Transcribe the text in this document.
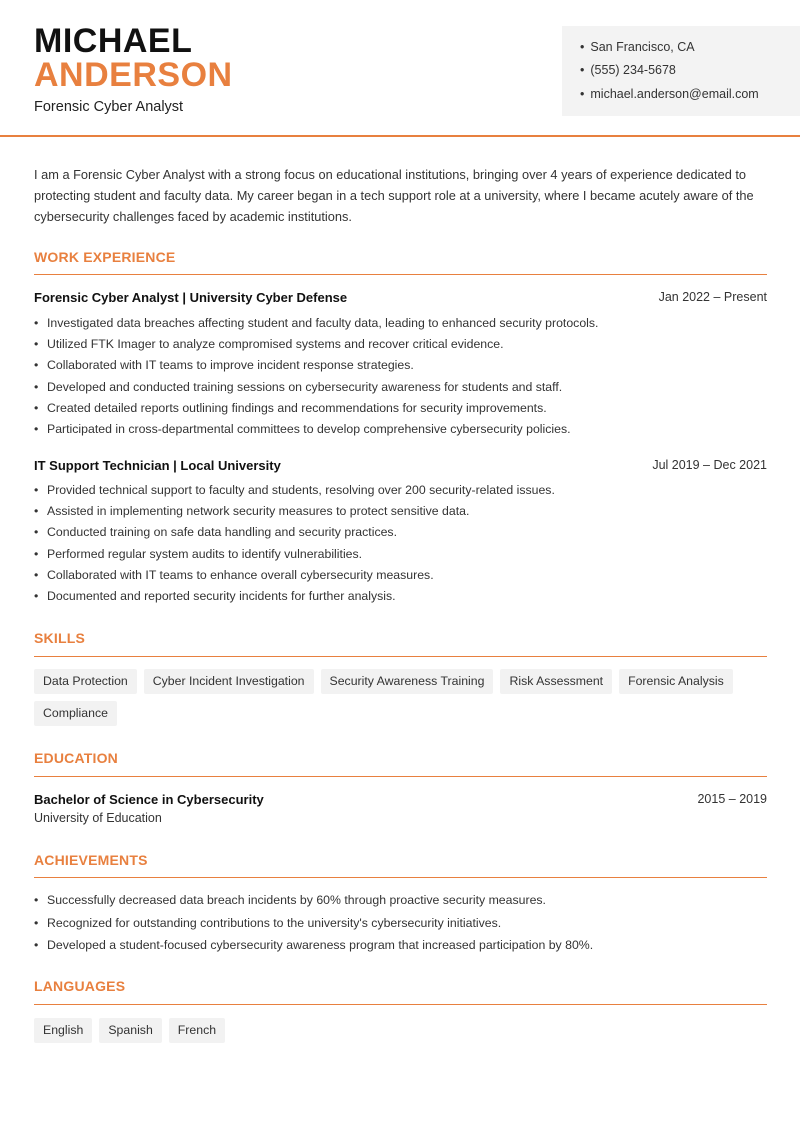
MICHAEL
ANDERSON
Forensic Cyber Analyst
• San Francisco, CA
• (555) 234-5678
• michael.anderson@email.com
I am a Forensic Cyber Analyst with a strong focus on educational institutions, bringing over 4 years of experience dedicated to protecting student and faculty data. My career began in a tech support role at a university, where I became acutely aware of the cybersecurity challenges faced by academic institutions.
WORK EXPERIENCE
Forensic Cyber Analyst | University Cyber Defense	Jan 2022 – Present
• Investigated data breaches affecting student and faculty data, leading to enhanced security protocols.
• Utilized FTK Imager to analyze compromised systems and recover critical evidence.
• Collaborated with IT teams to improve incident response strategies.
• Developed and conducted training sessions on cybersecurity awareness for students and staff.
• Created detailed reports outlining findings and recommendations for security improvements.
• Participated in cross-departmental committees to develop comprehensive cybersecurity policies.
IT Support Technician | Local University	Jul 2019 – Dec 2021
• Provided technical support to faculty and students, resolving over 200 security-related issues.
• Assisted in implementing network security measures to protect sensitive data.
• Conducted training on safe data handling and security practices.
• Performed regular system audits to identify vulnerabilities.
• Collaborated with IT teams to enhance overall cybersecurity measures.
• Documented and reported security incidents for further analysis.
SKILLS
Data Protection	Cyber Incident Investigation	Security Awareness Training	Risk Assessment	Forensic Analysis
Compliance
EDUCATION
Bachelor of Science in Cybersecurity	2015 – 2019
University of Education
ACHIEVEMENTS
• Successfully decreased data breach incidents by 60% through proactive security measures.
• Recognized for outstanding contributions to the university's cybersecurity initiatives.
• Developed a student-focused cybersecurity awareness program that increased participation by 80%.
LANGUAGES
English	Spanish	French
